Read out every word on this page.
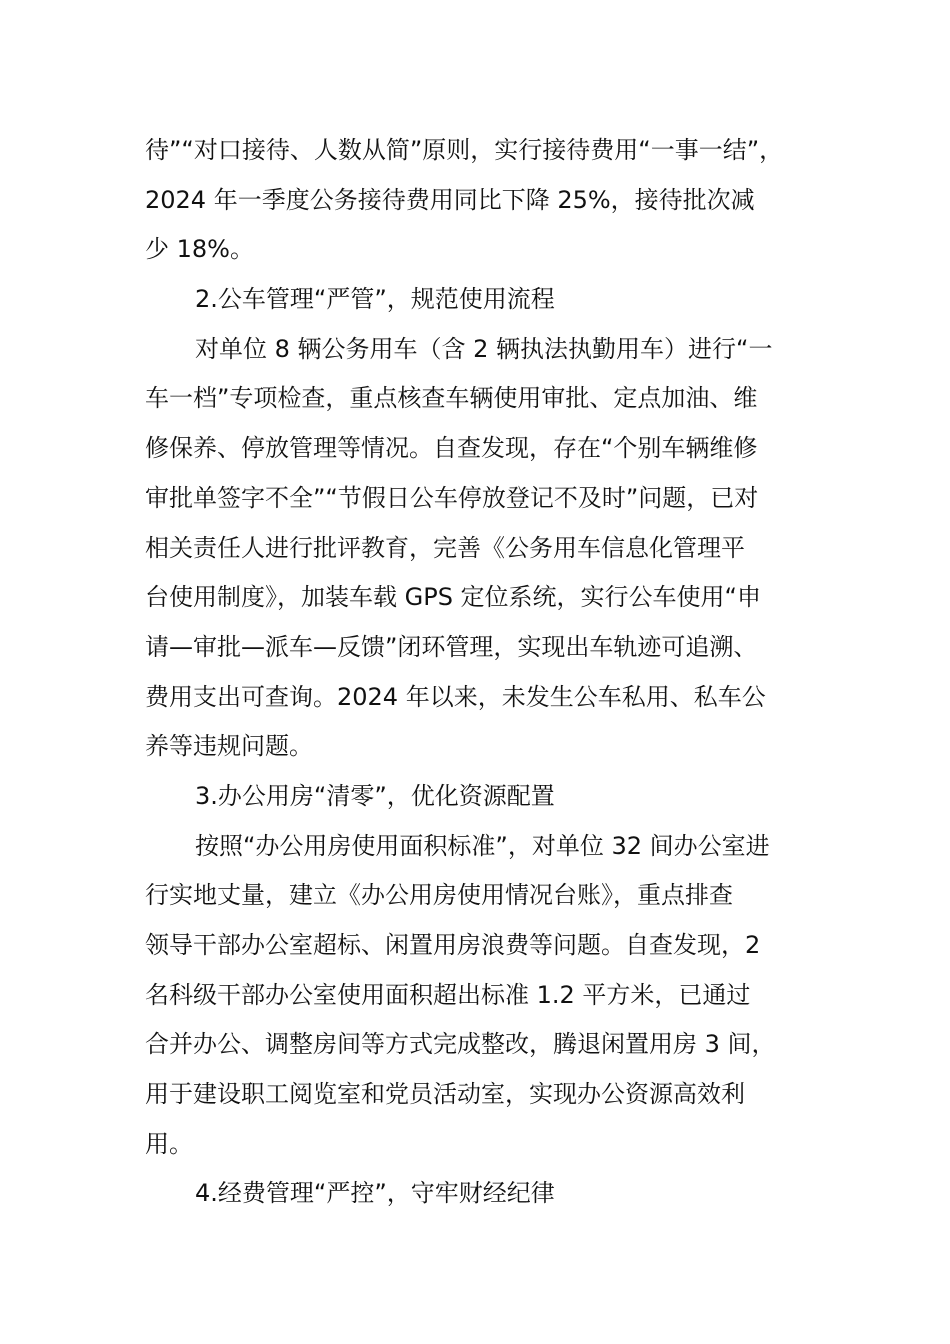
待”“对口接待、人数从简”原则，实行接待费用“一事一结”，
2024 年一季度公务接待费用同比下降 25%，接待批次减
少 18%。
2.公车管理“严管”，规范使用流程
对单位 8 辆公务用车（含 2 辆执法执勤用车）进行“一
车一档”专项检查，重点核查车辆使用审批、定点加油、维
修保养、停放管理等情况。自查发现，存在“个别车辆维修
审批单签字不全”“节假日公车停放登记不及时”问题，已对
相关责任人进行批评教育，完善《公务用车信息化管理平
台使用制度》，加装车载 GPS 定位系统，实行公车使用“申
请—审批—派车—反馈”闭环管理，实现出车轨迹可追溯、
费用支出可查询。2024 年以来，未发生公车私用、私车公
养等违规问题。
3.办公用房“清零”，优化资源配置
按照“办公用房使用面积标准”，对单位 32 间办公室进
行实地丈量，建立《办公用房使用情况台账》，重点排查
领导干部办公室超标、闲置用房浪费等问题。自查发现，2
名科级干部办公室使用面积超出标准 1.2 平方米，已通过
合并办公、调整房间等方式完成整改，腾退闲置用房 3 间，
用于建设职工阅览室和党员活动室，实现办公资源高效利
用。
4.经费管理“严控”，守牢财经纪律
